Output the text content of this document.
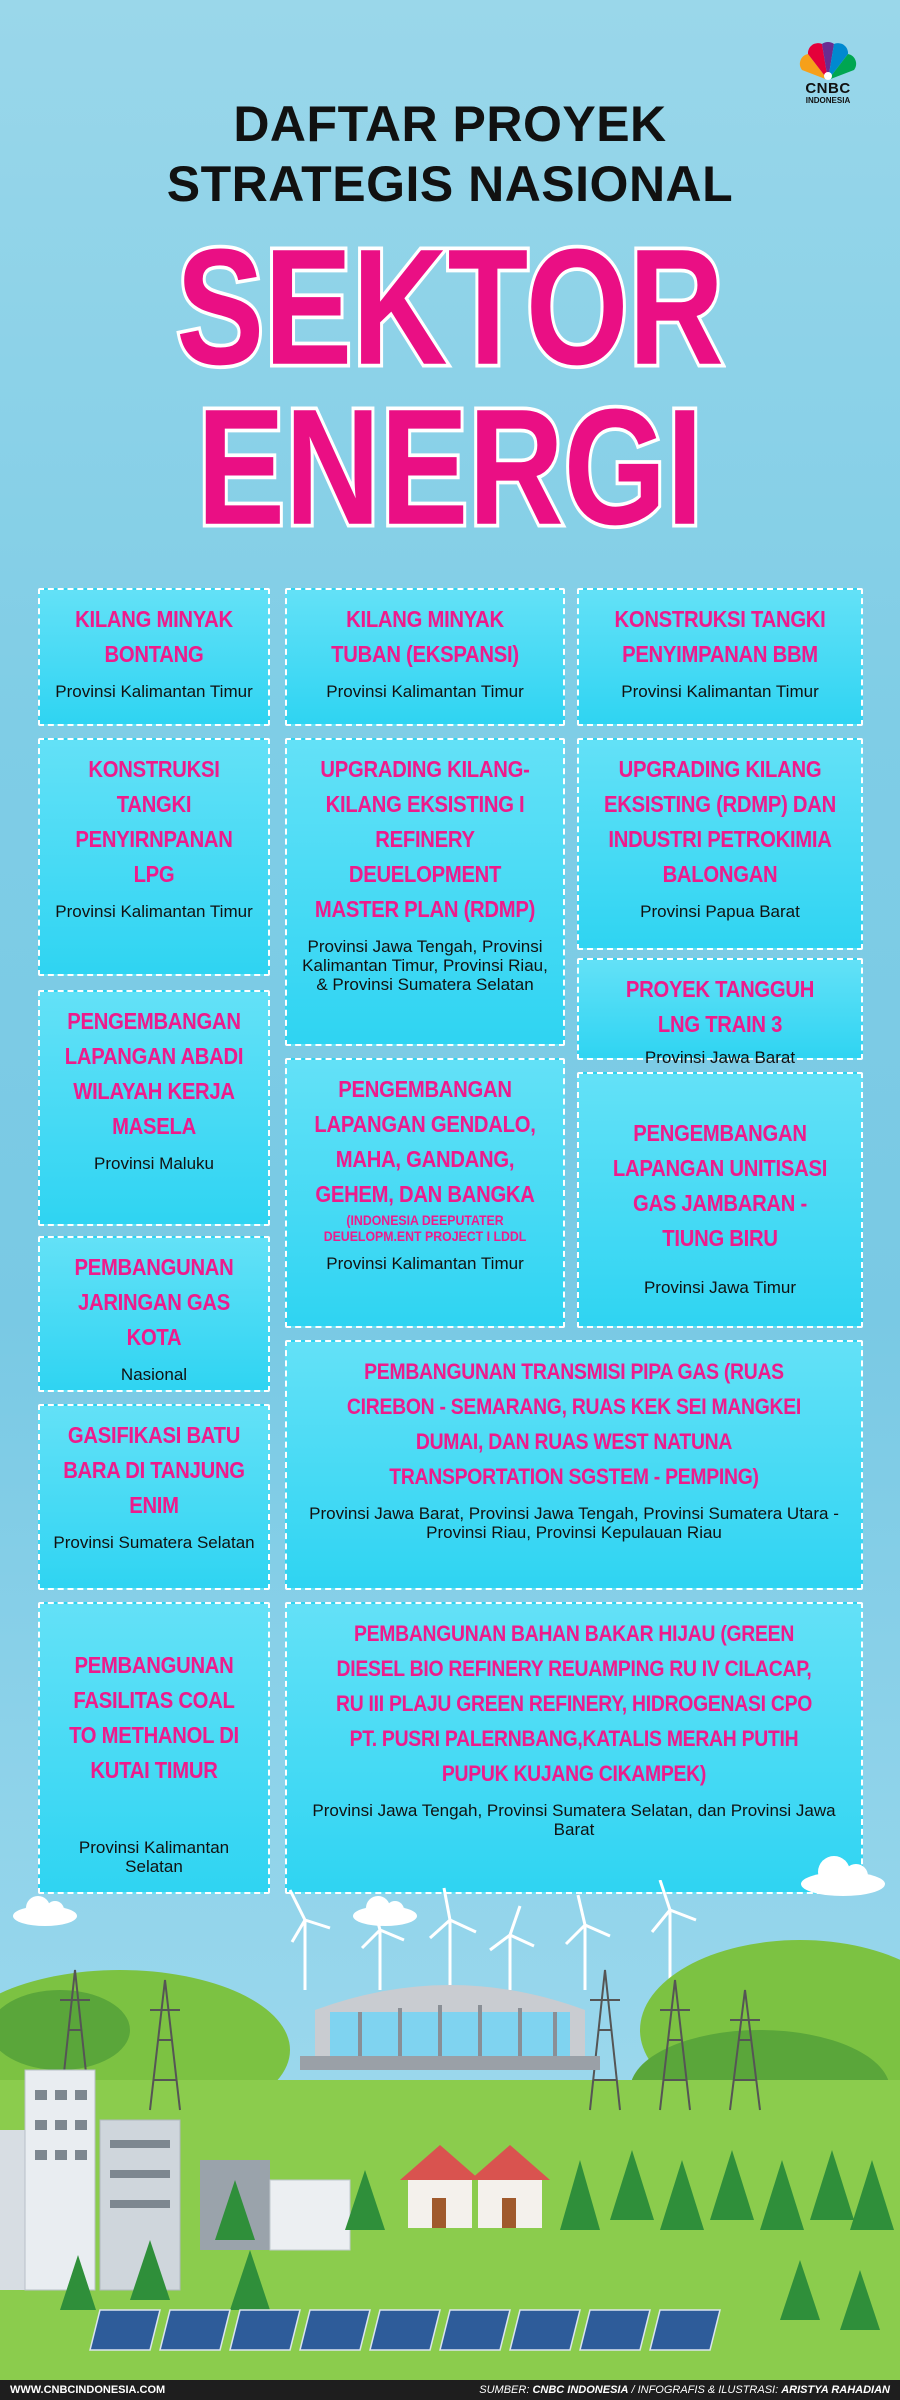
CNBC
INDONESIA
DAFTAR PROYEK
STRATEGIS NASIONAL
SEKTOR
ENERGI
KILANG MINYAK BONTANG
Provinsi Kalimantan Timur
KILANG MINYAK TUBAN (EKSPANSI)
Provinsi Kalimantan Timur
KONSTRUKSI TANGKI PENYIMPANAN BBM
Provinsi Kalimantan Timur
KONSTRUKSI TANGKI PENYIRNPANAN LPG
Provinsi Kalimantan Timur
UPGRADING KILANG-KILANG EKSISTING I REFINERY DEUELOPMENT MASTER PLAN (RDMP)
Provinsi Jawa Tengah, Provinsi Kalimantan Timur, Provinsi Riau, & Provinsi Sumatera Selatan
UPGRADING KILANG EKSISTING (RDMP) DAN INDUSTRI PETROKIMIA BALONGAN
Provinsi Papua Barat
PROYEK TANGGUH LNG TRAIN 3
Provinsi Jawa Barat
PENGEMBANGAN LAPANGAN ABADI WILAYAH KERJA MASELA
Provinsi Maluku
PENGEMBANGAN LAPANGAN GENDALO, MAHA, GANDANG, GEHEM, DAN BANGKA
(INDONESIA DEEPUTATER DEUELOPM.ENT PROJECT I LDDL
Provinsi Kalimantan Timur
PENGEMBANGAN LAPANGAN UNITISASI GAS JAMBARAN - TIUNG BIRU
Provinsi Jawa Timur
PEMBANGUNAN JARINGAN GAS KOTA
Nasional	PEMBANGUNAN TRANSMISI PIPA GAS (RUAS CIREBON - SEMARANG, RUAS KEK SEI MANGKEI DUMAI, DAN RUAS WEST NATUNA TRANSPORTATION SGSTEM - PEMPING)
Provinsi Jawa Barat, Provinsi Jawa Tengah, Provinsi Sumatera Utara - Provinsi Riau, Provinsi Kepulauan Riau
GASIFIKASI BATU BARA DI TANJUNG ENIM
Provinsi Sumatera Selatan
PEMBANGUNAN FASILITAS COAL TO METHANOL DI KUTAI TIMUR
Provinsi Kalimantan Selatan
PEMBANGUNAN BAHAN BAKAR HIJAU (GREEN DIESEL BIO REFINERY REUAMPING RU IV CILACAP, RU III PLAJU GREEN REFINERY, HIDROGENASI CPO PT. PUSRI PALERNBANG,KATALIS MERAH PUTIH PUPUK KUJANG CIKAMPEK)
Provinsi Jawa Tengah, Provinsi Sumatera Selatan, dan Provinsi Jawa Barat
WWW.CNBCINDONESIA.COM	SUMBER: CNBC INDONESIA / INFOGRAFIS & ILUSTRASI: ARISTYA RAHADIAN
